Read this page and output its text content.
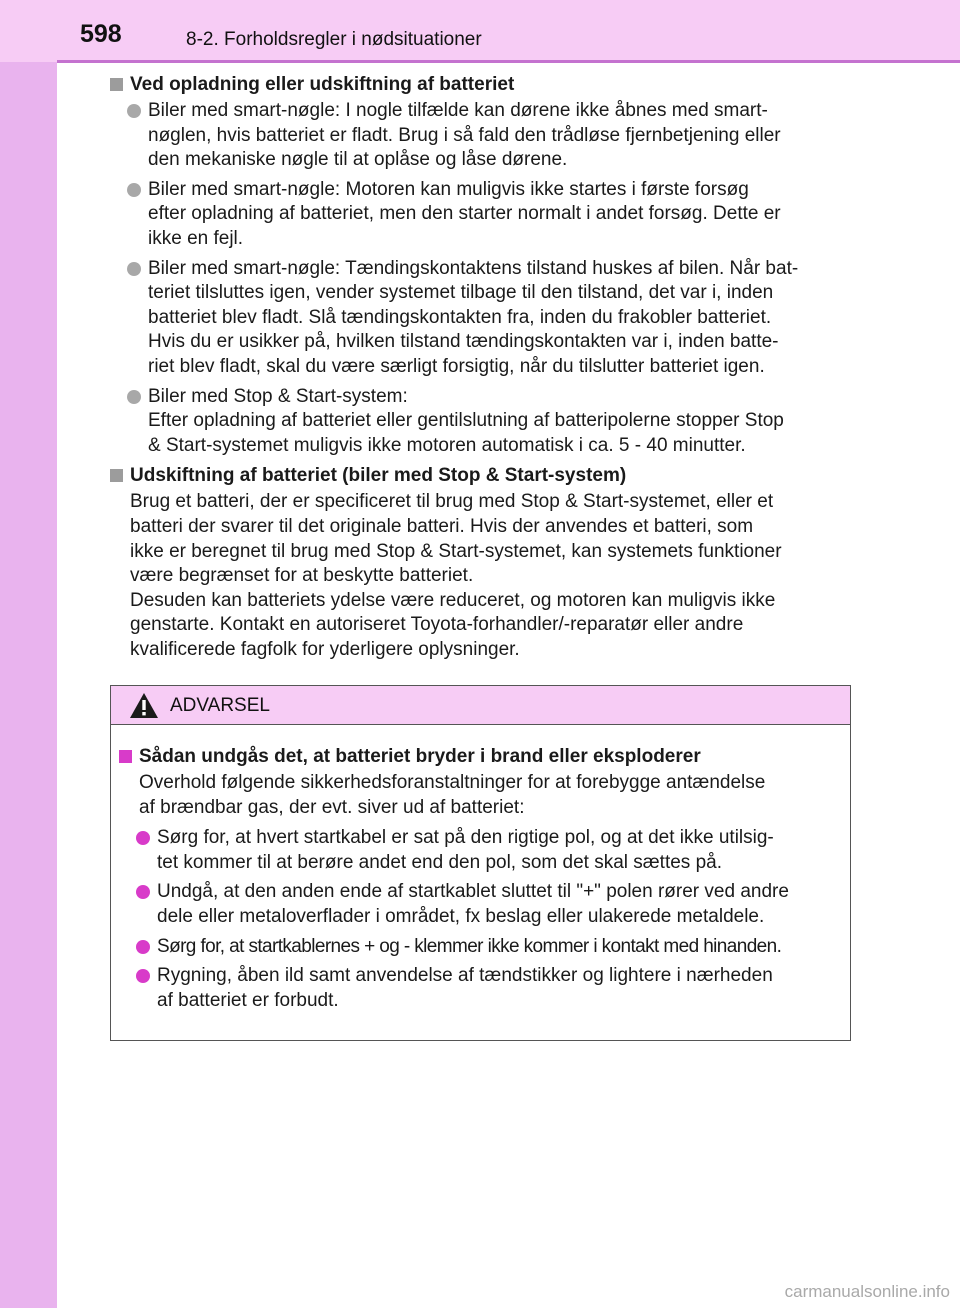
598	8-2. Forholdsregler i nødsituationer
Ved opladning eller udskiftning af batteriet
Biler med smart-nøgle: I nogle tilfælde kan dørene ikke åbnes med smart-
nøglen, hvis batteriet er fladt. Brug i så fald den trådløse fjernbetjening eller
den mekaniske nøgle til at oplåse og låse dørene.
Biler med smart-nøgle: Motoren kan muligvis ikke startes i første forsøg
efter opladning af batteriet, men den starter normalt i andet forsøg. Dette er
ikke en fejl.
Biler med smart-nøgle: Tændingskontaktens tilstand huskes af bilen. Når bat-
teriet tilsluttes igen, vender systemet tilbage til den tilstand, det var i, inden
batteriet blev fladt. Slå tændingskontakten fra, inden du frakobler batteriet.
Hvis du er usikker på, hvilken tilstand tændingskontakten var i, inden batte-
riet blev fladt, skal du være særligt forsigtig, når du tilslutter batteriet igen.
Biler med Stop & Start-system:
Efter opladning af batteriet eller gentilslutning af batteripolerne stopper Stop
& Start-systemet muligvis ikke motoren automatisk i ca. 5 - 40 minutter.
Udskiftning af batteriet (biler med Stop & Start-system)
Brug et batteri, der er specificeret til brug med Stop & Start-systemet, eller et
batteri der svarer til det originale batteri. Hvis der anvendes et batteri, som
ikke er beregnet til brug med Stop & Start-systemet, kan systemets funktioner
være begrænset for at beskytte batteriet.
Desuden kan batteriets ydelse være reduceret, og motoren kan muligvis ikke
genstarte. Kontakt en autoriseret Toyota-forhandler/-reparatør eller andre
kvalificerede fagfolk for yderligere oplysninger.
ADVARSEL
Sådan undgås det, at batteriet bryder i brand eller eksploderer
Overhold følgende sikkerhedsforanstaltninger for at forebygge antændelse
af brændbar gas, der evt. siver ud af batteriet:
Sørg for, at hvert startkabel er sat på den rigtige pol, og at det ikke utilsig-
tet kommer til at berøre andet end den pol, som det skal sættes på.
Undgå, at den anden ende af startkablet sluttet til "+" polen rører ved andre
dele eller metaloverflader i området, fx beslag eller ulakerede metaldele.
Sørg for, at startkablernes + og - klemmer ikke kommer i kontakt med hinanden.
Rygning, åben ild samt anvendelse af tændstikker og lightere i nærheden
af batteriet er forbudt.
carmanualsonline.info
